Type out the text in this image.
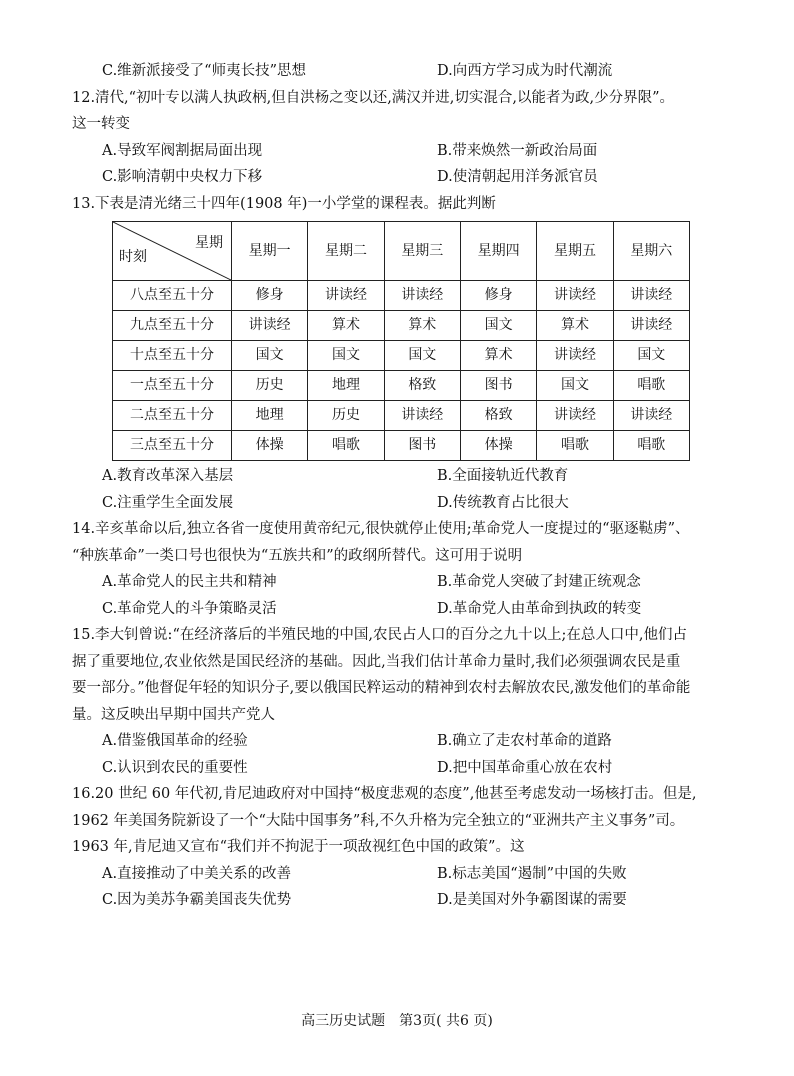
C.维新派接受了“师夷长技”思想	D.向西方学习成为时代潮流

12.清代,“初叶专以满人执政柄,但自洪杨之变以还,满汉并进,切实混合,以能者为政,少分界限”。

这一转变

A.导致军阀割据局面出现	B.带来焕然一新政治局面
C.影响清朝中央权力下移	D.使清朝起用洋务派官员

13.下表是清光绪三十四年(1908 年)一小学堂的课程表。据此判断

星期
时刻	星期一	星期二	星期三	星期四	星期五	星期六
八点至五十分	修身	讲读经	讲读经	修身	讲读经	讲读经
九点至五十分	讲读经	算术	算术	国文	算术	讲读经
十点至五十分	国文	国文	国文	算术	讲读经	国文
一点至五十分	历史	地理	格致	图书	国文	唱歌
二点至五十分	地理	历史	讲读经	格致	讲读经	讲读经
三点至五十分	体操	唱歌	图书	体操	唱歌	唱歌
A.教育改革深入基层	B.全面接轨近代教育
C.注重学生全面发展	D.传统教育占比很大

14.辛亥革命以后,独立各省一度使用黄帝纪元,很快就停止使用;革命党人一度提过的“驱逐鞑虏”、

“种族革命”一类口号也很快为“五族共和”的政纲所替代。这可用于说明

A.革命党人的民主共和精神	B.革命党人突破了封建正统观念
C.革命党人的斗争策略灵活	D.革命党人由革命到执政的转变

15.李大钊曾说:“在经济落后的半殖民地的中国,农民占人口的百分之九十以上;在总人口中,他们占

据了重要地位,农业依然是国民经济的基础。因此,当我们估计革命力量时,我们必须强调农民是重

要一部分。”他督促年轻的知识分子,要以俄国民粹运动的精神到农村去解放农民,激发他们的革命能

量。这反映出早期中国共产党人

A.借鉴俄国革命的经验	B.确立了走农村革命的道路
C.认识到农民的重要性	D.把中国革命重心放在农村

16.20 世纪 60 年代初,肯尼迪政府对中国持“极度悲观的态度”,他甚至考虑发动一场核打击。但是,

1962 年美国务院新设了一个“大陆中国事务”科,不久升格为完全独立的“亚洲共产主义事务”司。

1963 年,肯尼迪又宣布“我们并不拘泥于一项敌视红色中国的政策”。这

A.直接推动了中美关系的改善	B.标志美国“遏制”中国的失败
C.因为美苏争霸美国丧失优势	D.是美国对外争霸图谋的需要
高三历史试题　第3页( 共6 页)
